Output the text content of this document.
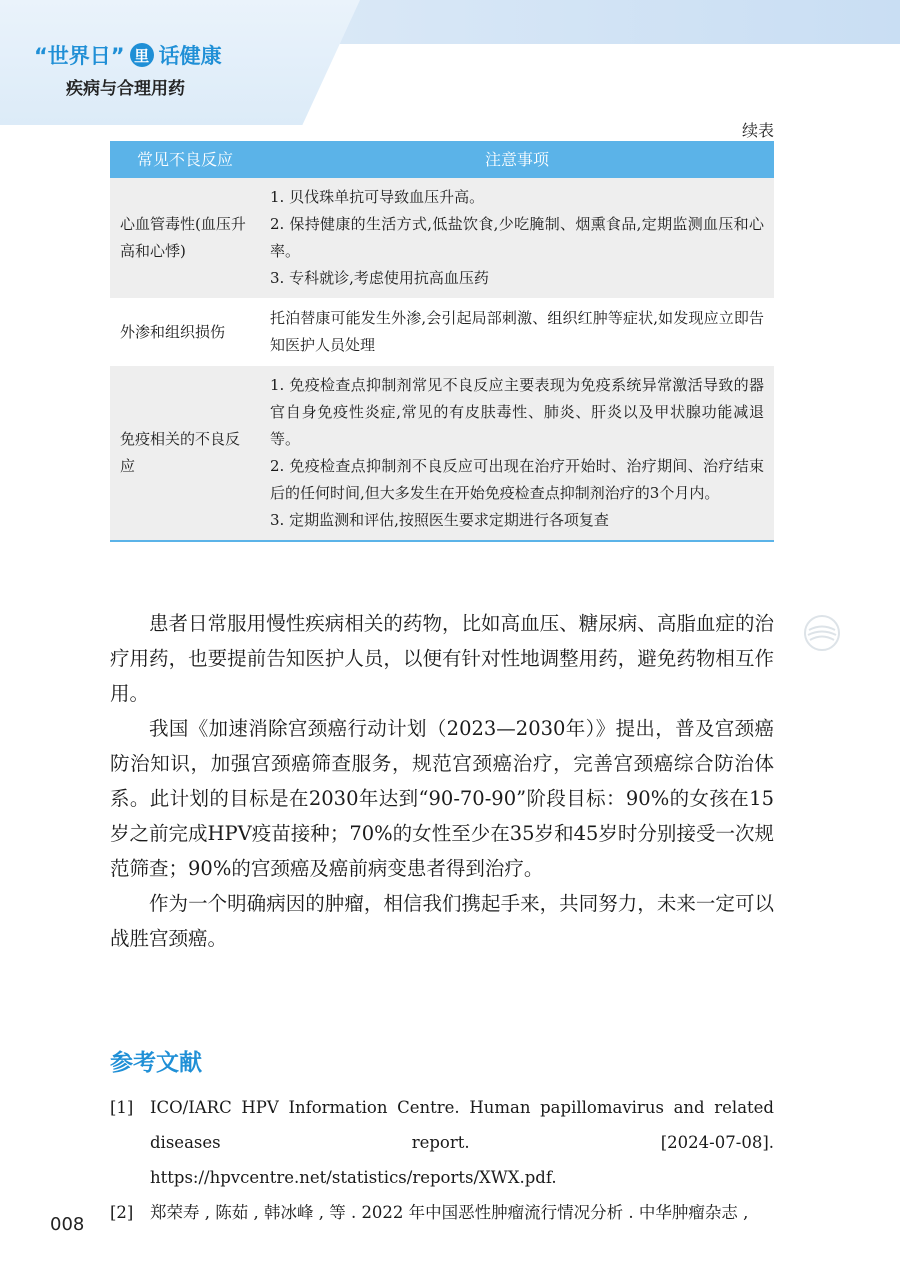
“世界日” 里 话健康
疾病与合理用药
续表
常见不良反应	注意事项
心血管毒性(血压升高和心悸)	1. 贝伐珠单抗可导致血压升高。
2. 保持健康的生活方式,低盐饮食,少吃腌制、烟熏食品,定期监测血压和心率。
3. 专科就诊,考虑使用抗高血压药

外渗和组织损伤	托泊替康可能发生外渗,会引起局部刺激、组织红肿等症状,如发现应立即告知医护人员处理

免疫相关的不良反应	1. 免疫检查点抑制剂常见不良反应主要表现为免疫系统异常激活导致的器官自身免疫性炎症,常见的有皮肤毒性、肺炎、肝炎以及甲状腺功能减退等。
2. 免疫检查点抑制剂不良反应可出现在治疗开始时、治疗期间、治疗结束后的任何时间,但大多发生在开始免疫检查点抑制剂治疗的3个月内。
3. 定期监测和评估,按照医生要求定期进行各项复查

患者日常服用慢性疾病相关的药物，比如高血压、糖尿病、高脂血症的治疗用药，也要提前告知医护人员，以便有针对性地调整用药，避免药物相互作用。

我国《加速消除宫颈癌行动计划（2023—2030年）》提出，普及宫颈癌防治知识，加强宫颈癌筛查服务，规范宫颈癌治疗，完善宫颈癌综合防治体系。此计划的目标是在2030年达到“90-70-90”阶段目标：90%的女孩在15岁之前完成HPV疫苗接种；70%的女性至少在35岁和45岁时分别接受一次规范筛查；90%的宫颈癌及癌前病变患者得到治疗。

作为一个明确病因的肿瘤，相信我们携起手来，共同努力，未来一定可以战胜宫颈癌。

参考文献
[1]	ICO/IARC HPV Information Centre. Human papillomavirus and related diseases report. [2024-07-08]. https://hpvcentre.net/statistics/reports/XWX.pdf.
[2]	郑荣寿 , 陈茹 , 韩冰峰 , 等 . 2022 年中国恶性肿瘤流行情况分析 . 中华肿瘤杂志 ,
008
